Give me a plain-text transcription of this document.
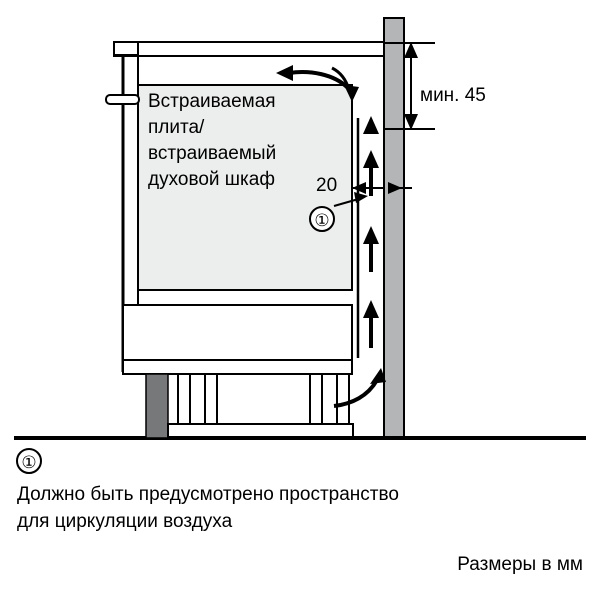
①
Встраиваемая
плита/
встраиваемый
духовой шкаф
мин. 45
20
①
Должно быть предусмотрено пространство
для циркуляции воздуха
Размеры в мм
